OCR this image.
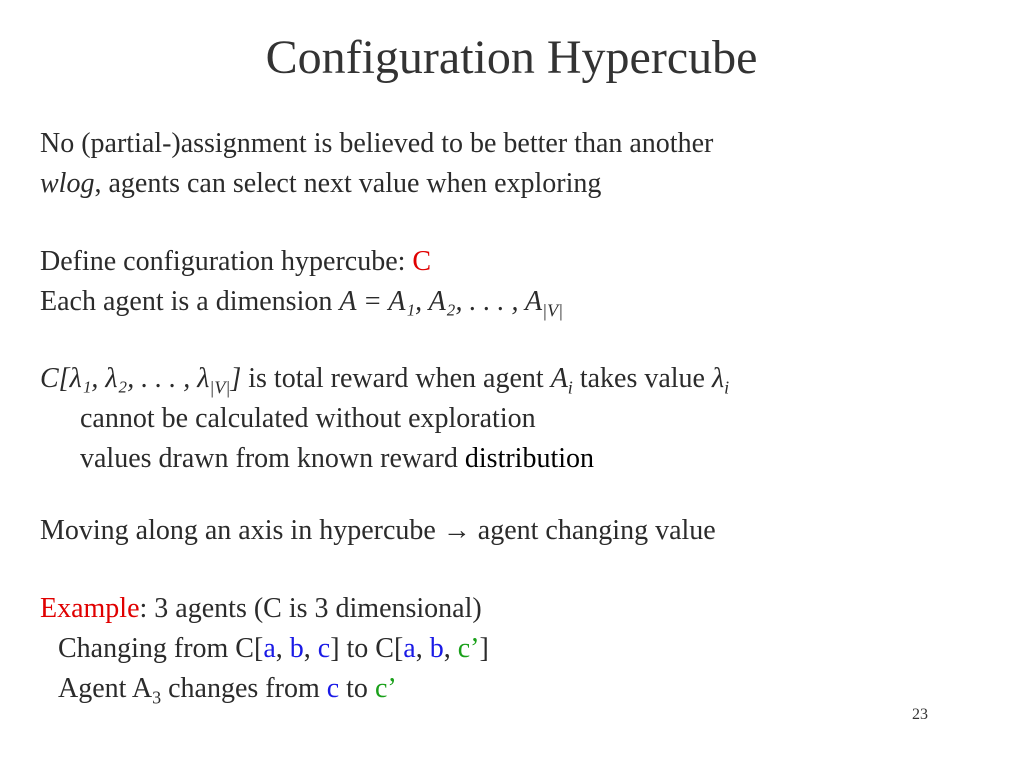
Configuration Hypercube
No (partial-)assignment is believed to be better than another
wlog, agents can select next value when exploring
Define configuration hypercube: C
Each agent is a dimension A = A₁, A₂, . . . , $A_{|V|}$
C[λ₁, λ₂, . . . , $\lambda_{|V|}$] is total reward when agent $A_i$ takes value $\lambda_i$
cannot be calculated without exploration
values drawn from known reward distribution
Moving along an axis in hypercube → agent changing value
Example: 3 agents (C is 3 dimensional)
Changing from C[a, b, c] to C[a, b, c’]
Agent $A_3$ changes from c to c’
23
